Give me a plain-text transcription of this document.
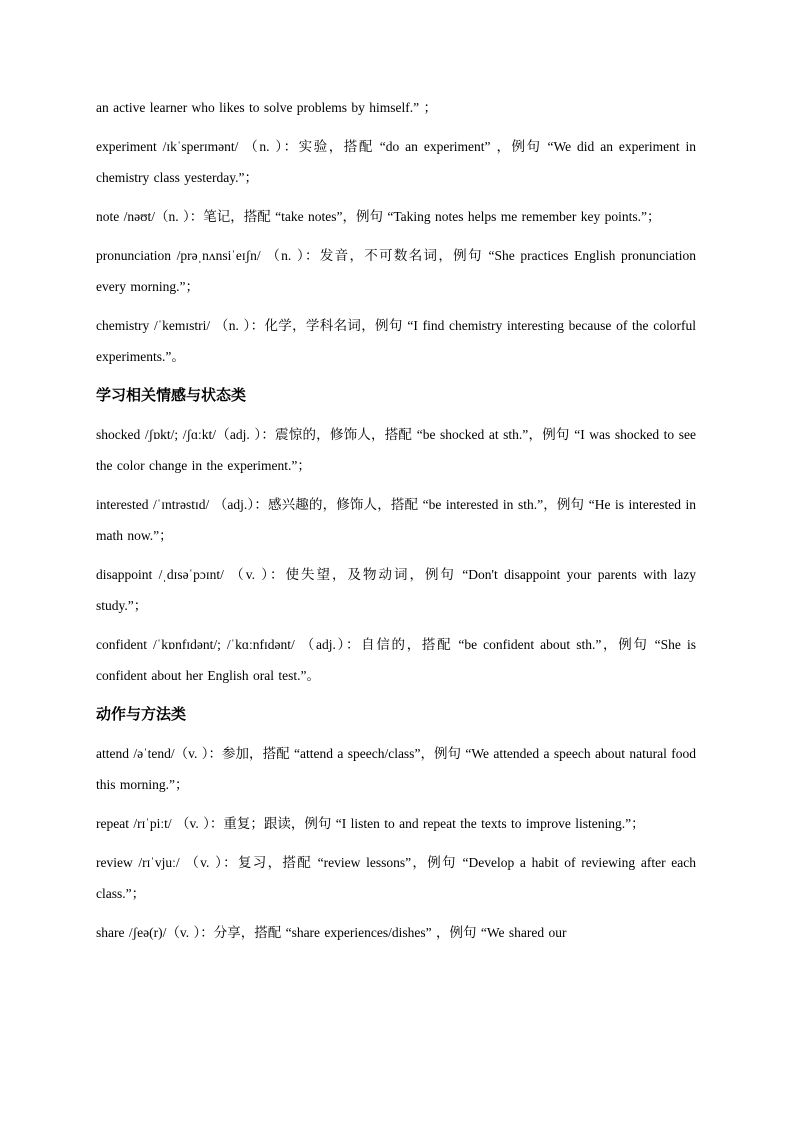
an active learner who likes to solve problems by himself.” ；

experiment /ɪkˈsperɪmənt/ （n. ）：实验，搭配 “do an experiment” ，例句 “We did an experiment in chemistry class yesterday.”；

note /nəʊt/（n. ）：笔记，搭配 “take notes”，例句 “Taking notes helps me remember key points.”；

pronunciation /prəˌnʌnsiˈeɪʃn/ （n. ）：发音，不可数名词，例句 “She practices English pronunciation every morning.”；

chemistry /ˈkemɪstri/ （n. ）：化学，学科名词，例句 “I find chemistry interesting because of the colorful experiments.”。

学习相关情感与状态类

shocked /ʃɒkt/; /ʃɑːkt/（adj. ）：震惊的，修饰人，搭配 “be shocked at sth.”，例句 “I was shocked to see the color change in the experiment.”；

interested /ˈɪntrəstɪd/ （adj.）：感兴趣的，修饰人，搭配 “be interested in sth.”，例句 “He is interested in math now.”；

disappoint /ˌdɪsəˈpɔɪnt/ （v. ）：使失望，及物动词，例句 “Don't disappoint your parents with lazy study.”；

confident /ˈkɒnfɪdənt/; /ˈkɑːnfɪdənt/ （adj.）：自信的，搭配 “be confident about sth.”，例句 “She is confident about her English oral test.”。

动作与方法类

attend /əˈtend/（v. ）：参加，搭配 “attend a speech/class”，例句 “We attended a speech about natural food this morning.”；

repeat /rɪˈpiːt/ （v. ）：重复；跟读，例句 “I listen to and repeat the texts to improve listening.”；

review /rɪˈvjuː/ （v. ）：复习，搭配 “review lessons”，例句 “Develop a habit of reviewing after each class.”；

share /ʃeə(r)/（v. ）：分享，搭配 “share experiences/dishes” ，例句 “We shared our
